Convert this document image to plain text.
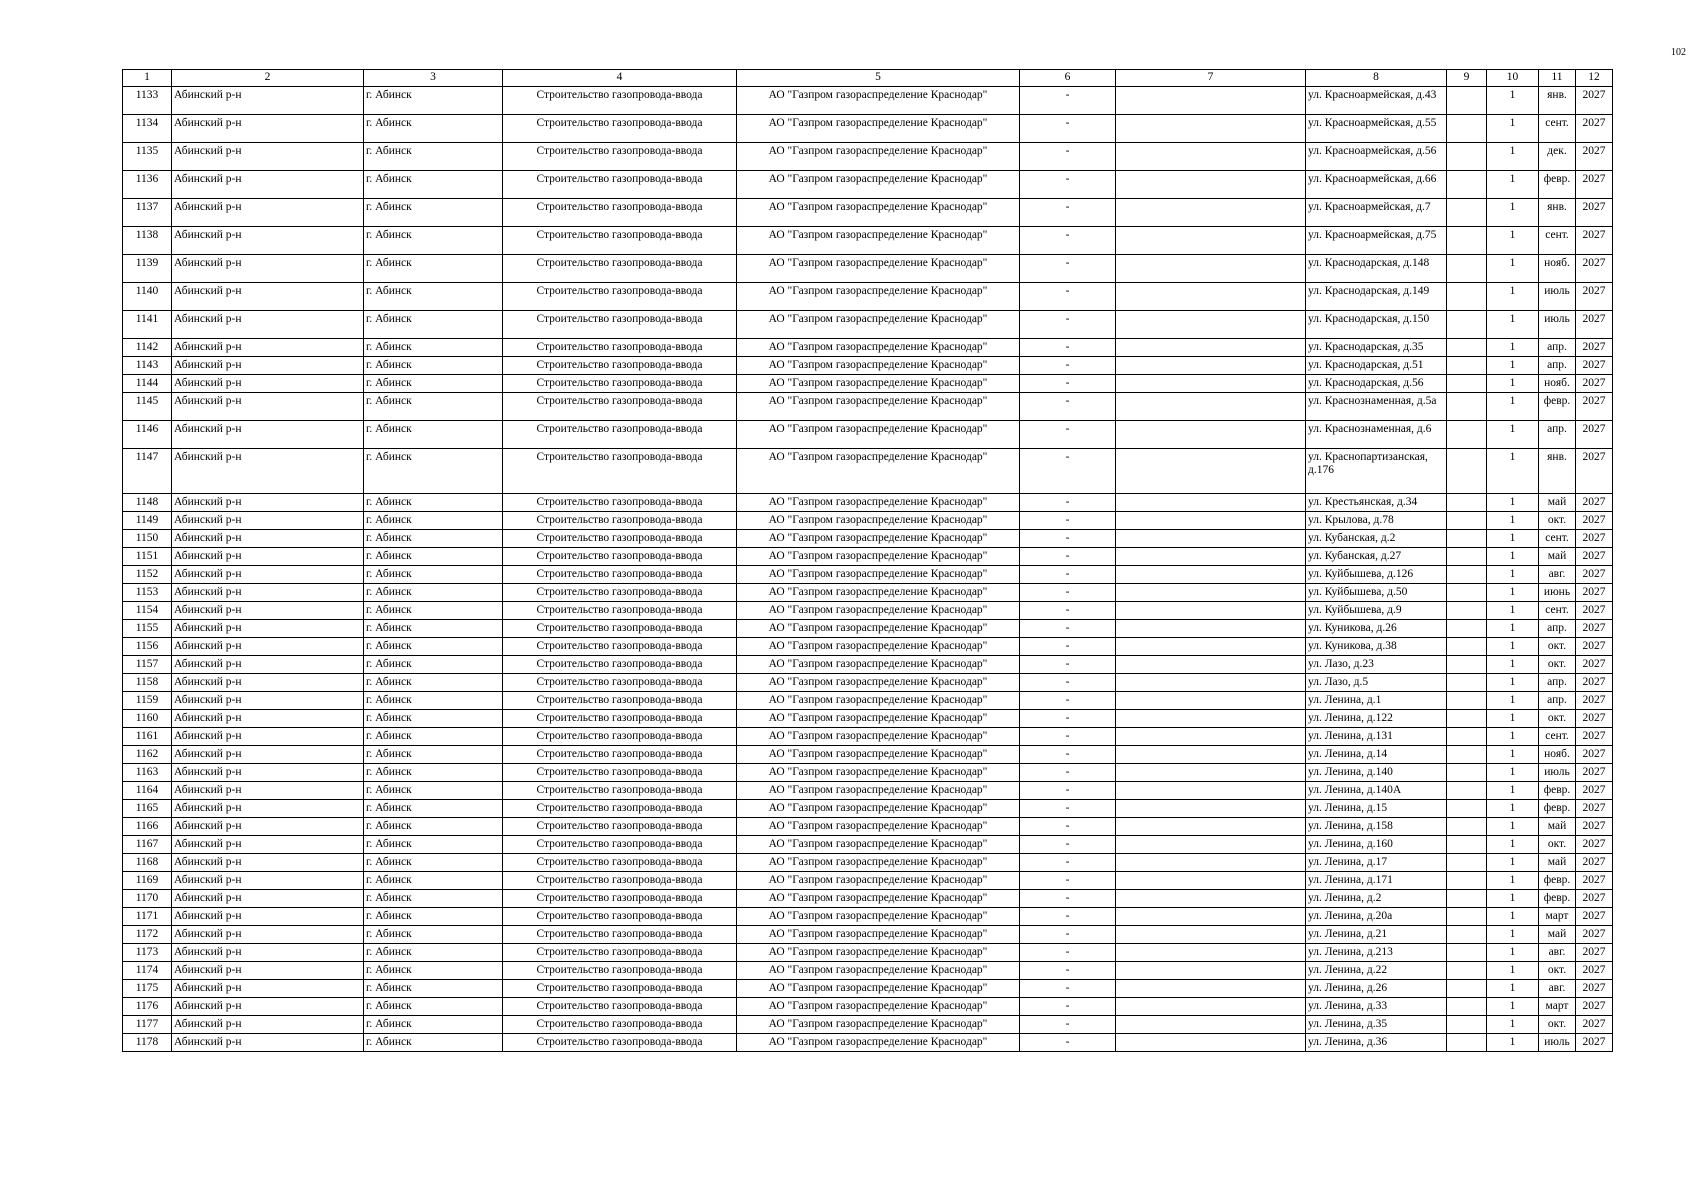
102
1	2	3	4	5	6	7	8	9	10	11	12
1133	Абинский р-н	г. Абинск	Строительство газопровода-ввода	АО "Газпром газораспределение Краснодар"	-		ул. Красноармейская, д.43		1	янв.	2027
1134	Абинский р-н	г. Абинск	Строительство газопровода-ввода	АО "Газпром газораспределение Краснодар"	-		ул. Красноармейская, д.55		1	сент.	2027
1135	Абинский р-н	г. Абинск	Строительство газопровода-ввода	АО "Газпром газораспределение Краснодар"	-		ул. Красноармейская, д.56		1	дек.	2027
1136	Абинский р-н	г. Абинск	Строительство газопровода-ввода	АО "Газпром газораспределение Краснодар"	-		ул. Красноармейская, д.66		1	февр.	2027
1137	Абинский р-н	г. Абинск	Строительство газопровода-ввода	АО "Газпром газораспределение Краснодар"	-		ул. Красноармейская, д.7		1	янв.	2027
1138	Абинский р-н	г. Абинск	Строительство газопровода-ввода	АО "Газпром газораспределение Краснодар"	-		ул. Красноармейская, д.75		1	сент.	2027
1139	Абинский р-н	г. Абинск	Строительство газопровода-ввода	АО "Газпром газораспределение Краснодар"	-		ул. Краснодарская, д.148		1	нояб.	2027
1140	Абинский р-н	г. Абинск	Строительство газопровода-ввода	АО "Газпром газораспределение Краснодар"	-		ул. Краснодарская, д.149		1	июль	2027
1141	Абинский р-н	г. Абинск	Строительство газопровода-ввода	АО "Газпром газораспределение Краснодар"	-		ул. Краснодарская, д.150		1	июль	2027
1142	Абинский р-н	г. Абинск	Строительство газопровода-ввода	АО "Газпром газораспределение Краснодар"	-		ул. Краснодарская, д.35		1	апр.	2027
1143	Абинский р-н	г. Абинск	Строительство газопровода-ввода	АО "Газпром газораспределение Краснодар"	-		ул. Краснодарская, д.51		1	апр.	2027
1144	Абинский р-н	г. Абинск	Строительство газопровода-ввода	АО "Газпром газораспределение Краснодар"	-		ул. Краснодарская, д.56		1	нояб.	2027
1145	Абинский р-н	г. Абинск	Строительство газопровода-ввода	АО "Газпром газораспределение Краснодар"	-		ул. Краснознаменная, д.5а		1	февр.	2027
1146	Абинский р-н	г. Абинск	Строительство газопровода-ввода	АО "Газпром газораспределение Краснодар"	-		ул. Краснознаменная, д.6		1	апр.	2027
1147	Абинский р-н	г. Абинск	Строительство газопровода-ввода	АО "Газпром газораспределение Краснодар"	-		ул. Краснопартизанская, д.176		1	янв.	2027
1148	Абинский р-н	г. Абинск	Строительство газопровода-ввода	АО "Газпром газораспределение Краснодар"	-		ул. Крестьянская, д.34		1	май	2027
1149	Абинский р-н	г. Абинск	Строительство газопровода-ввода	АО "Газпром газораспределение Краснодар"	-		ул. Крылова, д.78		1	окт.	2027
1150	Абинский р-н	г. Абинск	Строительство газопровода-ввода	АО "Газпром газораспределение Краснодар"	-		ул. Кубанская, д.2		1	сент.	2027
1151	Абинский р-н	г. Абинск	Строительство газопровода-ввода	АО "Газпром газораспределение Краснодар"	-		ул. Кубанская, д.27		1	май	2027
1152	Абинский р-н	г. Абинск	Строительство газопровода-ввода	АО "Газпром газораспределение Краснодар"	-		ул. Куйбышева, д.126		1	авг.	2027
1153	Абинский р-н	г. Абинск	Строительство газопровода-ввода	АО "Газпром газораспределение Краснодар"	-		ул. Куйбышева, д.50		1	июнь	2027
1154	Абинский р-н	г. Абинск	Строительство газопровода-ввода	АО "Газпром газораспределение Краснодар"	-		ул. Куйбышева, д.9		1	сент.	2027
1155	Абинский р-н	г. Абинск	Строительство газопровода-ввода	АО "Газпром газораспределение Краснодар"	-		ул. Куникова, д.26		1	апр.	2027
1156	Абинский р-н	г. Абинск	Строительство газопровода-ввода	АО "Газпром газораспределение Краснодар"	-		ул. Куникова, д.38		1	окт.	2027
1157	Абинский р-н	г. Абинск	Строительство газопровода-ввода	АО "Газпром газораспределение Краснодар"	-		ул. Лазо, д.23		1	окт.	2027
1158	Абинский р-н	г. Абинск	Строительство газопровода-ввода	АО "Газпром газораспределение Краснодар"	-		ул. Лазо, д.5		1	апр.	2027
1159	Абинский р-н	г. Абинск	Строительство газопровода-ввода	АО "Газпром газораспределение Краснодар"	-		ул. Ленина, д.1		1	апр.	2027
1160	Абинский р-н	г. Абинск	Строительство газопровода-ввода	АО "Газпром газораспределение Краснодар"	-		ул. Ленина, д.122		1	окт.	2027
1161	Абинский р-н	г. Абинск	Строительство газопровода-ввода	АО "Газпром газораспределение Краснодар"	-		ул. Ленина, д.131		1	сент.	2027
1162	Абинский р-н	г. Абинск	Строительство газопровода-ввода	АО "Газпром газораспределение Краснодар"	-		ул. Ленина, д.14		1	нояб.	2027
1163	Абинский р-н	г. Абинск	Строительство газопровода-ввода	АО "Газпром газораспределение Краснодар"	-		ул. Ленина, д.140		1	июль	2027
1164	Абинский р-н	г. Абинск	Строительство газопровода-ввода	АО "Газпром газораспределение Краснодар"	-		ул. Ленина, д.140А		1	февр.	2027
1165	Абинский р-н	г. Абинск	Строительство газопровода-ввода	АО "Газпром газораспределение Краснодар"	-		ул. Ленина, д.15		1	февр.	2027
1166	Абинский р-н	г. Абинск	Строительство газопровода-ввода	АО "Газпром газораспределение Краснодар"	-		ул. Ленина, д.158		1	май	2027
1167	Абинский р-н	г. Абинск	Строительство газопровода-ввода	АО "Газпром газораспределение Краснодар"	-		ул. Ленина, д.160		1	окт.	2027
1168	Абинский р-н	г. Абинск	Строительство газопровода-ввода	АО "Газпром газораспределение Краснодар"	-		ул. Ленина, д.17		1	май	2027
1169	Абинский р-н	г. Абинск	Строительство газопровода-ввода	АО "Газпром газораспределение Краснодар"	-		ул. Ленина, д.171		1	февр.	2027
1170	Абинский р-н	г. Абинск	Строительство газопровода-ввода	АО "Газпром газораспределение Краснодар"	-		ул. Ленина, д.2		1	февр.	2027
1171	Абинский р-н	г. Абинск	Строительство газопровода-ввода	АО "Газпром газораспределение Краснодар"	-		ул. Ленина, д.20а		1	март	2027
1172	Абинский р-н	г. Абинск	Строительство газопровода-ввода	АО "Газпром газораспределение Краснодар"	-		ул. Ленина, д.21		1	май	2027
1173	Абинский р-н	г. Абинск	Строительство газопровода-ввода	АО "Газпром газораспределение Краснодар"	-		ул. Ленина, д.213		1	авг.	2027
1174	Абинский р-н	г. Абинск	Строительство газопровода-ввода	АО "Газпром газораспределение Краснодар"	-		ул. Ленина, д.22		1	окт.	2027
1175	Абинский р-н	г. Абинск	Строительство газопровода-ввода	АО "Газпром газораспределение Краснодар"	-		ул. Ленина, д.26		1	авг.	2027
1176	Абинский р-н	г. Абинск	Строительство газопровода-ввода	АО "Газпром газораспределение Краснодар"	-		ул. Ленина, д.33		1	март	2027
1177	Абинский р-н	г. Абинск	Строительство газопровода-ввода	АО "Газпром газораспределение Краснодар"	-		ул. Ленина, д.35		1	окт.	2027
1178	Абинский р-н	г. Абинск	Строительство газопровода-ввода	АО "Газпром газораспределение Краснодар"	-		ул. Ленина, д.36		1	июль	2027
